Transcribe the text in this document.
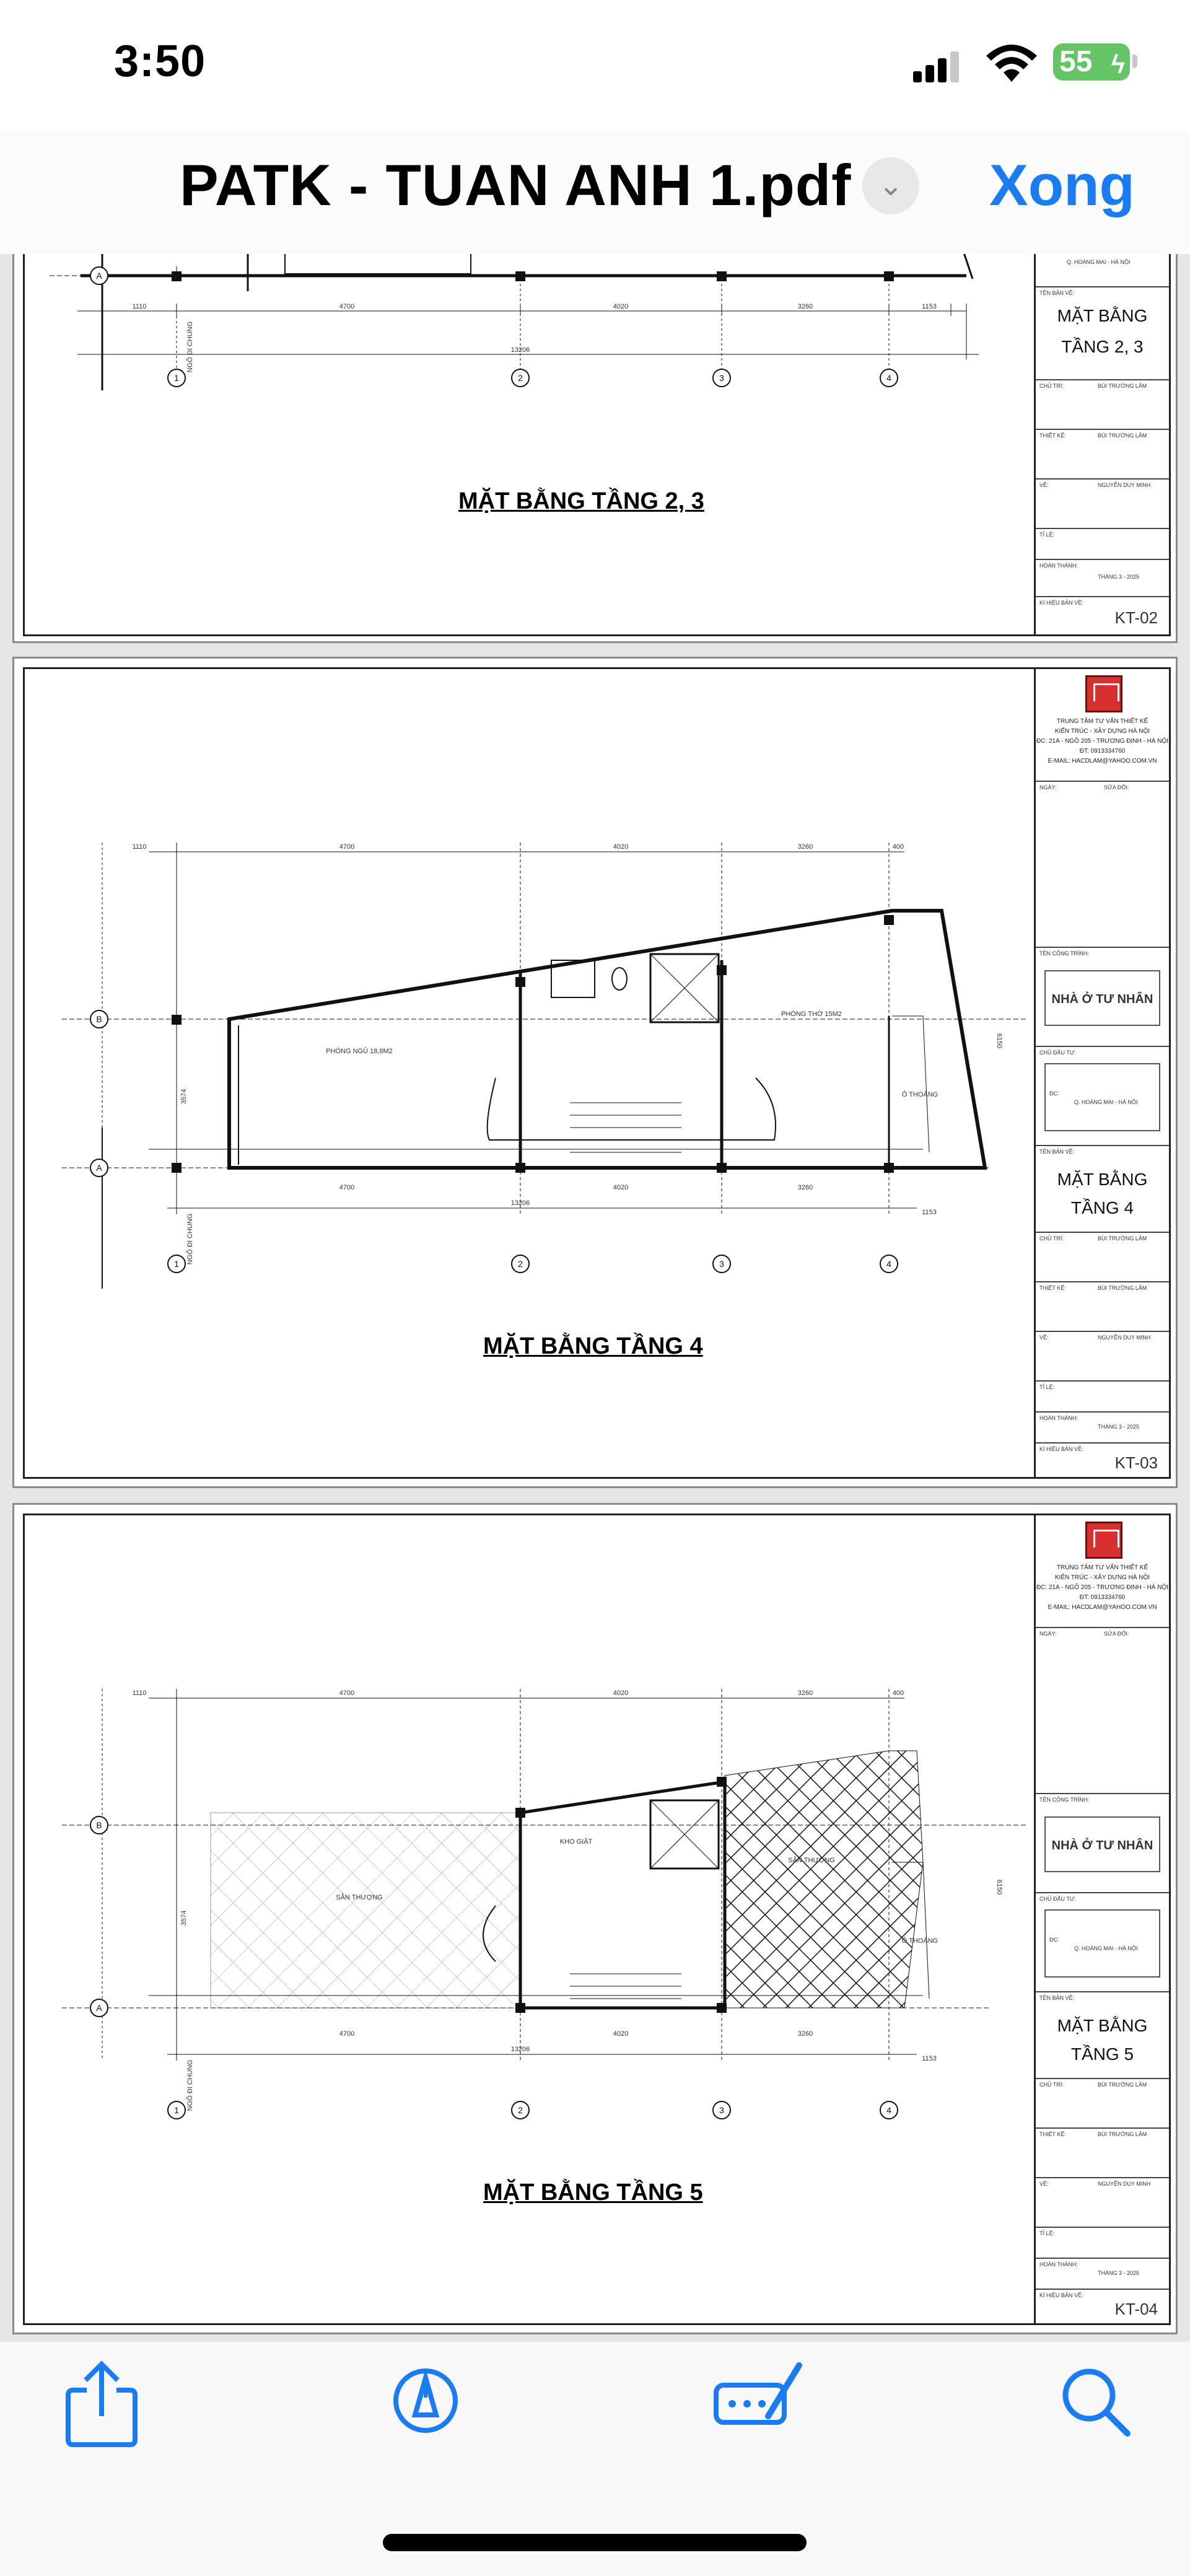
3:50	55 ϟ
PATK - TUAN ANH 1.pdf ⌄ Xong
A
1	2	3	4
1110	4700	4020	3260	1153
13206
NGÕ ĐI CHUNG
MẶT BẰNG TẦNG 2, 3
Q. HOÀNG MAI - HÀ NỘI
TÊN BẢN VẼ:
MẶT BẰNG
TẦNG 2, 3
CHỦ TRÌ:	BÙI TRƯỜNG LÂM
THIẾT KẾ:	BÙI TRƯỜNG LÂM
VẼ:	NGUYỄN DUY MINH
TỈ LỆ:
HOÀN THÀNH:
THÁNG 3 - 2025
KÍ HIỆU BẢN VẼ:
KT-02
B
A
1	2	3	4
1110	4700	4020	3260	400
4700	4020	3260
1153
13206
3574
6150
PHÒNG NGỦ 18,8M2
PHÒNG THỜ 15M2
Ô THOÁNG
NGÕ ĐI CHUNG
MẶT BẰNG TẦNG 4
TRUNG TÂM TƯ VẤN THIẾT KẾ
KIẾN TRÚC - XÂY DỰNG HÀ NỘI
ĐC: 21A - NGÕ 205 - TRƯƠNG ĐỊNH - HÀ NỘI
ĐT: 0913334760
E-MAIL: HACDLAM@YAHOO.COM.VN
NGÀY:	SỬA ĐỔI:
TÊN CÔNG TRÌNH:
NHÀ Ở TƯ NHÂN
CHỦ ĐẦU TƯ:
ĐC:
Q. HOÀNG MAI - HÀ NỘI
TÊN BẢN VẼ:
MẶT BẰNG
TẦNG 4
CHỦ TRÌ:	BÙI TRƯỜNG LÂM
THIẾT KẾ:	BÙI TRƯỜNG LÂM
VẼ:	NGUYỄN DUY MINH
TỈ LỆ:
HOÀN THÀNH:
THÁNG 3 - 2025
KÍ HIỆU BẢN VẼ:
KT-03
B
A
1	2	3	4
1110	4700	4020	3260	400
4700	4020	3260
1153
13206
3574
6150
SÂN THƯỢNG
KHO GIẶT
SÂN THƯỢNG
Ô THOÁNG
NGÕ ĐI CHUNG
MẶT BẰNG TẦNG 5
TRUNG TÂM TƯ VẤN THIẾT KẾ
KIẾN TRÚC - XÂY DỰNG HÀ NỘI
ĐC: 21A - NGÕ 205 - TRƯƠNG ĐỊNH - HÀ NỘI
ĐT: 0913334760
E-MAIL: HACDLAM@YAHOO.COM.VN
NGÀY:	SỬA ĐỔI:
TÊN CÔNG TRÌNH:
NHÀ Ở TƯ NHÂN
CHỦ ĐẦU TƯ:
ĐC:
Q. HOÀNG MAI - HÀ NỘI
TÊN BẢN VẼ:
MẶT BẰNG
TẦNG 5
CHỦ TRÌ:	BÙI TRƯỜNG LÂM
THIẾT KẾ:	BÙI TRƯỜNG LÂM
VẼ:	NGUYỄN DUY MINH
TỈ LỆ:
HOÀN THÀNH:
THÁNG 3 - 2025
KÍ HIỆU BẢN VẼ:
KT-04
